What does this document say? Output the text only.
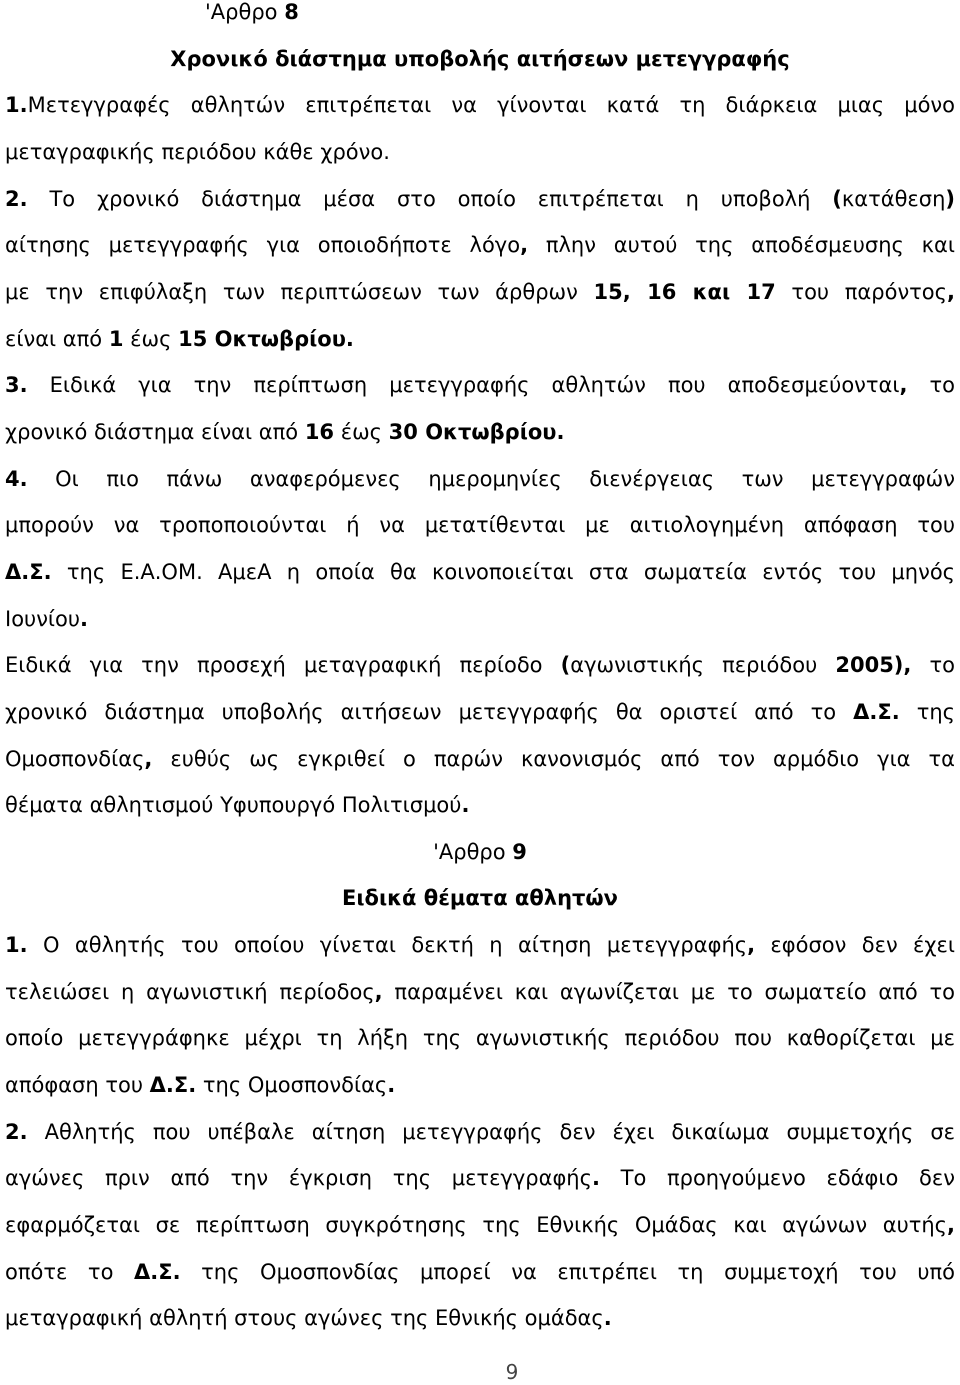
'Αρθρο 8
Χρονικό διάστημα υποβολής αιτήσεων μετεγγραφής
1.Μετεγγραφές αθλητών επιτρέπεται να γίνονται κατά τη διάρκεια μιας μόνο
μεταγραφικής περιόδου κάθε χρόνο.
2. Το χρονικό διάστημα μέσα στο οποίο επιτρέπεται η υποβολή (κατάθεση)
αίτησης μετεγγραφής για οποιοδήποτε λόγο, πλην αυτού της αποδέσμευσης και
με την επιφύλαξη των περιπτώσεων των άρθρων 15, 16 και 17 του παρόντος,
είναι από 1 έως 15 Οκτωβρίου.
3. Ειδικά για την περίπτωση μετεγγραφής αθλητών που αποδεσμεύονται, το
χρονικό διάστημα είναι από 16 έως 30 Οκτωβρίου.
4. Οι πιο πάνω αναφερόμενες ημερομηνίες διενέργειας των μετεγγραφών
μπορούν να τροποποιούνται ή να μετατίθενται με αιτιολογημένη απόφαση του
Δ.Σ. της Ε.Α.ΟΜ. ΑμεΑ η οποία θα κοινοποιείται στα σωματεία εντός του μηνός
Ιουνίου.
Ειδικά για την προσεχή μεταγραφική περίοδο (αγωνιστικής περιόδου 2005), το
χρονικό διάστημα υποβολής αιτήσεων μετεγγραφής θα οριστεί από το Δ.Σ. της
Ομοσπονδίας, ευθύς ως εγκριθεί ο παρών κανονισμός από τον αρμόδιο για τα
θέματα αθλητισμού Υφυπουργό Πολιτισμού.
'Αρθρο 9
Ειδικά θέματα αθλητών
1. Ο αθλητής του οποίου γίνεται δεκτή η αίτηση μετεγγραφής, εφόσον δεν έχει
τελειώσει η αγωνιστική περίοδος, παραμένει και αγωνίζεται με το σωματείο από το
οποίο μετεγγράφηκε μέχρι τη λήξη της αγωνιστικής περιόδου που καθορίζεται με
απόφαση του Δ.Σ. της Ομοσπονδίας.
2. Αθλητής που υπέβαλε αίτηση μετεγγραφής δεν έχει δικαίωμα συμμετοχής σε
αγώνες πριν από την έγκριση της μετεγγραφής. Το προηγούμενο εδάφιο δεν
εφαρμόζεται σε περίπτωση συγκρότησης της Εθνικής Ομάδας και αγώνων αυτής,
οπότε το Δ.Σ. της Ομοσπονδίας μπορεί να επιτρέπει τη συμμετοχή του υπό
μεταγραφική αθλητή στους αγώνες της Εθνικής ομάδας.
9
